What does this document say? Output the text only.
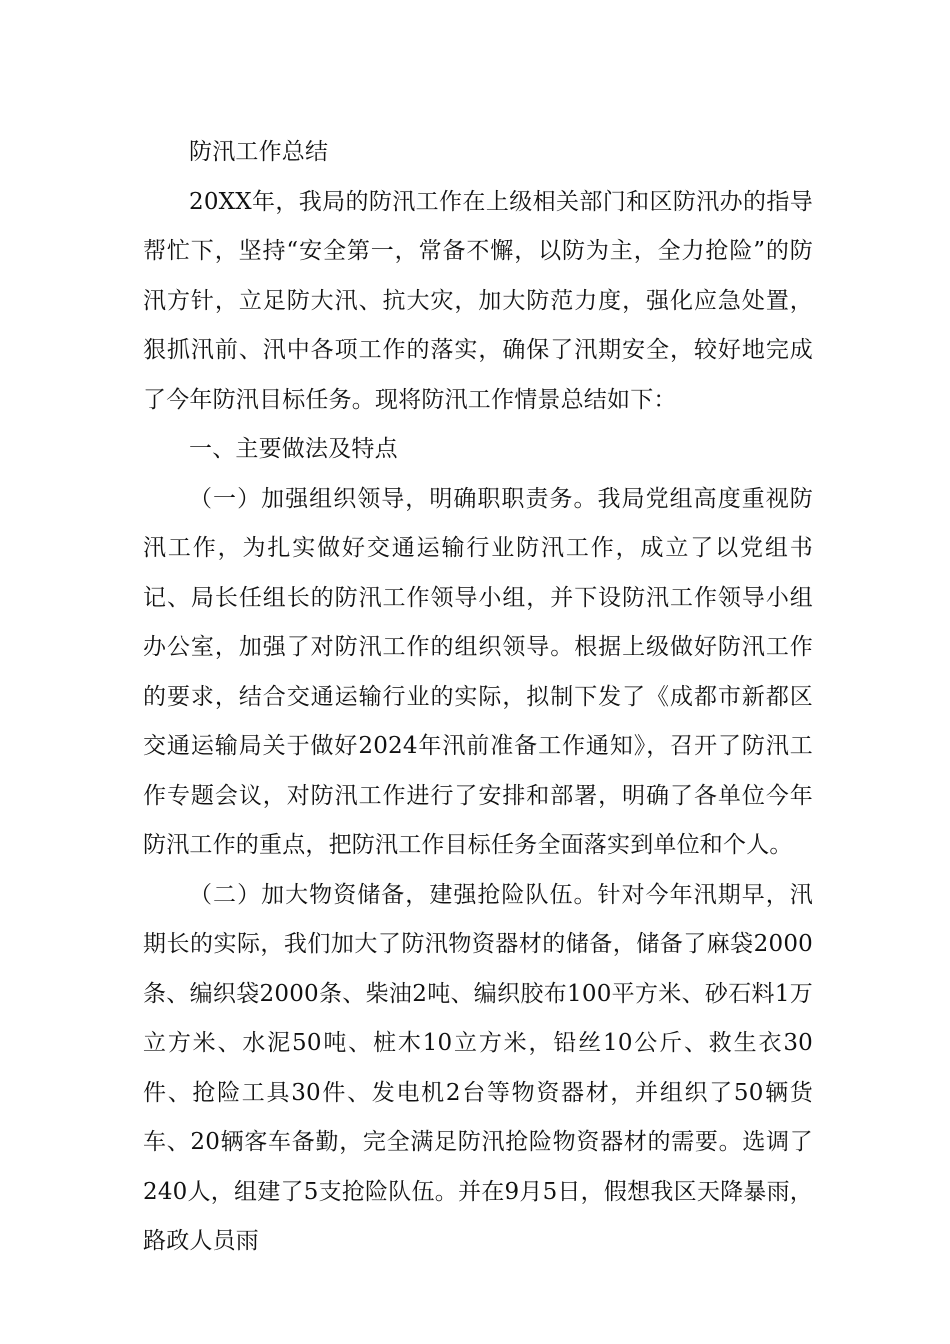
防汛工作总结

20XX年，我局的防汛工作在上级相关部门和区防汛办的指导帮忙下，坚持“安全第一，常备不懈，以防为主，全力抢险”的防汛方针，立足防大汛、抗大灾，加大防范力度，强化应急处置，狠抓汛前、汛中各项工作的落实，确保了汛期安全，较好地完成了今年防汛目标任务。现将防汛工作情景总结如下：

一、主要做法及特点

（一）加强组织领导，明确职职责务。我局党组高度重视防汛工作，为扎实做好交通运输行业防汛工作，成立了以党组书记、局长任组长的防汛工作领导小组，并下设防汛工作领导小组办公室，加强了对防汛工作的组织领导。根据上级做好防汛工作的要求，结合交通运输行业的实际，拟制下发了《成都市新都区交通运输局关于做好2024年汛前准备工作通知》，召开了防汛工作专题会议，对防汛工作进行了安排和部署，明确了各单位今年防汛工作的重点，把防汛工作目标任务全面落实到单位和个人。

（二）加大物资储备，建强抢险队伍。针对今年汛期早，汛期长的实际，我们加大了防汛物资器材的储备，储备了麻袋2000条、编织袋2000条、柴油2吨、编织胶布100平方米、砂石料1万立方米、水泥50吨、桩木10立方米，铅丝10公斤、救生衣30件、抢险工具30件、发电机2台等物资器材，并组织了50辆货车、20辆客车备勤，完全满足防汛抢险物资器材的需要。选调了240人，组建了5支抢险队伍。并在9月5日，假想我区天降暴雨，路政人员雨
